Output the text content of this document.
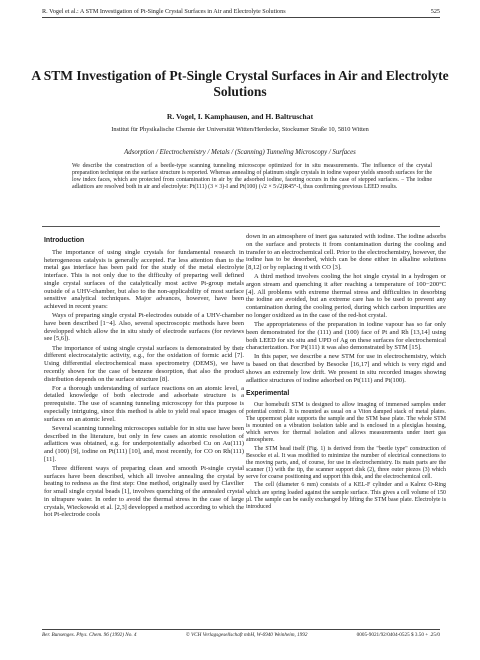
R. Vogel et al.: A STM Investigation of Pt-Single Crystal Surfaces in Air and Electrolyte Solutions	525
A STM Investigation of Pt-Single Crystal Surfaces in Air and Electrolyte Solutions
R. Vogel, I. Kamphausen, and H. Baltruschat
Institut für Physikalische Chemie der Universität Witten/Herdecke, Stockumer Straße 10, 5810 Witten
Adsorption / Electrochemistry / Metals / (Scanning) Tunneling Microscopy / Surfaces

We describe the construction of a beetle-type scanning tunneling microscope optimized for in situ measurements. The influence of the crystal preparation technique on the surface structure is reported. Whereas annealing of platinum single crystals in iodine vapour yields smooth surfaces for the low index faces, which are protected from contamination in air by the adsorbed iodine, faceting occurs in the case of stepped surfaces. − The iodine adlattices are resolved both in air and electrolyte: Pt(111) (3 × 3)-I and Pt(100) (√2 × 5√2)R45°-I, thus confirming previous LEED results.

Introduction

The importance of using single crystals for fundamental research in heterogeneous catalysis is generally accepted. Far less attention than to the metal gas interface has been paid for the study of the metal electrolyte interface. This is not only due to the difficulty of preparing well defined single crystal surfaces of the catalytically most active Pt-group metals outside of a UHV-chamber, but also to the non-applicability of most surface sensitive analytical techniques. Major advances, however, have been achieved in recent years:

Ways of preparing single crystal Pt-electrodes outside of a UHV-chamber have been described [1−4]. Also, several spectroscopic methods have been developped which allow the in situ study of electrode surfaces (for reviews see [5,6]).

The importance of using single crystal surfaces is demonstrated by their different electrocatalytic activity, e.g., for the oxidation of formic acid [7]. Using differential electrochemical mass spectrometry (DEMS), we have recently shown for the case of benzene desorption, that also the product distribution depends on the surface structure [8].

For a thorough understanding of surface reactions on an atomic level, a detailed knowledge of both electrode and adsorbate structure is a prerequisite. The use of scanning tunneling microscopy for this purpose is especially intriguing, since this method is able to yield real space images of surfaces on an atomic level.

Several scanning tunneling microscopes suitable for in situ use have been described in the literature, but only in few cases an atomic resolution of adlattices was obtained, e.g. for underpotentially adsorbed Cu on Au(111) and (100) [9], iodine on Pt(111) [10], and, most recently, for CO on Rh(111) [11].

Three different ways of preparing clean and smooth Pt-single crystal surfaces have been described, which all involve annealing the crystal by heating to redness as the first step: One method, originally used by Clavilier for small single crystal beads [1], involves quenching of the annealed crystal in ultrapure water. In order to avoid the thermal stress in the case of large crystals, Wieckowski et al. [2,3] developped a method according to which the hot Pt-electrode cools

down in an atmosphere of inert gas saturated with iodine. The iodine adsorbs on the surface and protects it from contamination during the cooling and transfer to an electrochemical cell. Prior to the electrochemistry, however, the iodine has to be desorbed, which can be done either in alkaline solutions [8,12] or by replacing it with CO [3].

A third method involves cooling the hot single crystal in a hydrogen or argon stream and quenching it after reaching a temperature of 100−200°C [4]. All problems with extreme thermal stress and difficulties in desorbing the iodine are avoided, but an extreme care has to be used to prevent any contamination during the cooling period, during which carbon impurities are no longer oxidized as in the case of the red-hot crystal.

The appropriateness of the preparation in iodine vapour has so far only been demonstrated for the (111) and (100) face of Pt and Rh [13,14] using both LEED for six situ and UPD of Ag on these surfaces for electrochemical characterization. For Pt(111) it was also demonstrated by STM [15].

In this paper, we describe a new STM for use in electrochemistry, which is based on that described by Besocke [16,17] and which is very rigid and shows an extremely low drift. We present in situ recorded images showing adlattice structures of iodine adsorbed on Pt(111) and Pt(100).

Experimental

Our homebuilt STM is designed to allow imaging of immersed samples under potential control. It is mounted as usual on a Viton damped stack of metal plates. The uppermost plate supports the sample and the STM base plate. The whole STM is mounted on a vibration isolation table and is enclosed in a plexiglas housing, which serves for thermal isolation and allows measurements under inert gas atmosphere.

The STM head itself (Fig. 1) is derived from the "beetle type" construction of Besocke et al. It was modified to minimize the number of electrical connections to the moving parts, and, of course, for use in electrochemistry. Its main parts are the scanner (1) with the tip, the scanner support disk (2), three outer piezos (3) which serve for coarse positioning and support this disk, and the electrochemical cell.

The cell (diameter 6 mm) consists of a KEL-F cylinder and a Kalrez O-Ring which are spring loaded against the sample surface. This gives a cell volume of 150 µl. The sample can be easily exchanged by lifting the STM base plate. Electrolyte is introduced

Ber. Bunsenges. Phys. Chem. 96 (1992) No. 4	© VCH Verlagsgesellschaft mbH, W-6940 Weinheim, 1992	0005-9021/92/0404-0525 $ 3.50 + .25/0
